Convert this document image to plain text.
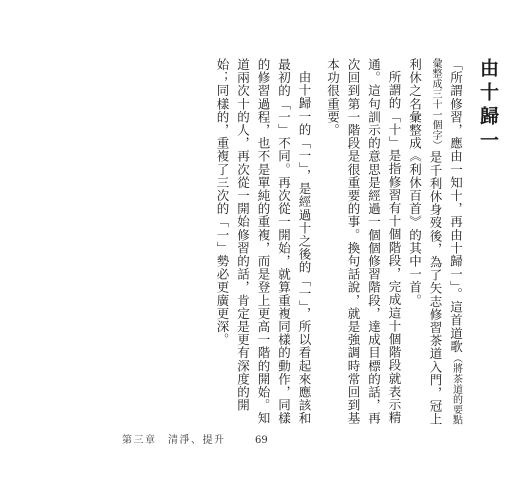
由十歸一

「所謂修習，應由一知十，再由十歸一」。這首道歌（將茶道的要點彙整成三十一個字）是千利休身歿後，為了矢志修習茶道入門，冠上利休之名彙整成《利休百首》的其中一首。

所謂的「十」是指修習有十個階段，完成這十個階段就表示精通。這句訓示的意思是經過一個個修習階段，達成目標的話，再次回到第一階段是很重要的事。換句話說，就是強調時常回到基本功很重要。

由十歸一的「一」，是經過十之後的「一」，所以看起來應該和最初的「一」不同。再次從一開始，就算重複同樣的動作，同樣的修習過程，也不是單純的重複，而是登上更高一階的開始。知道兩次十的人，再次從一開始修習的話，肯定是更有深度的開始；同樣的，重複了三次的「一」勢必更廣更深。

第三章　清淨、提升	69
